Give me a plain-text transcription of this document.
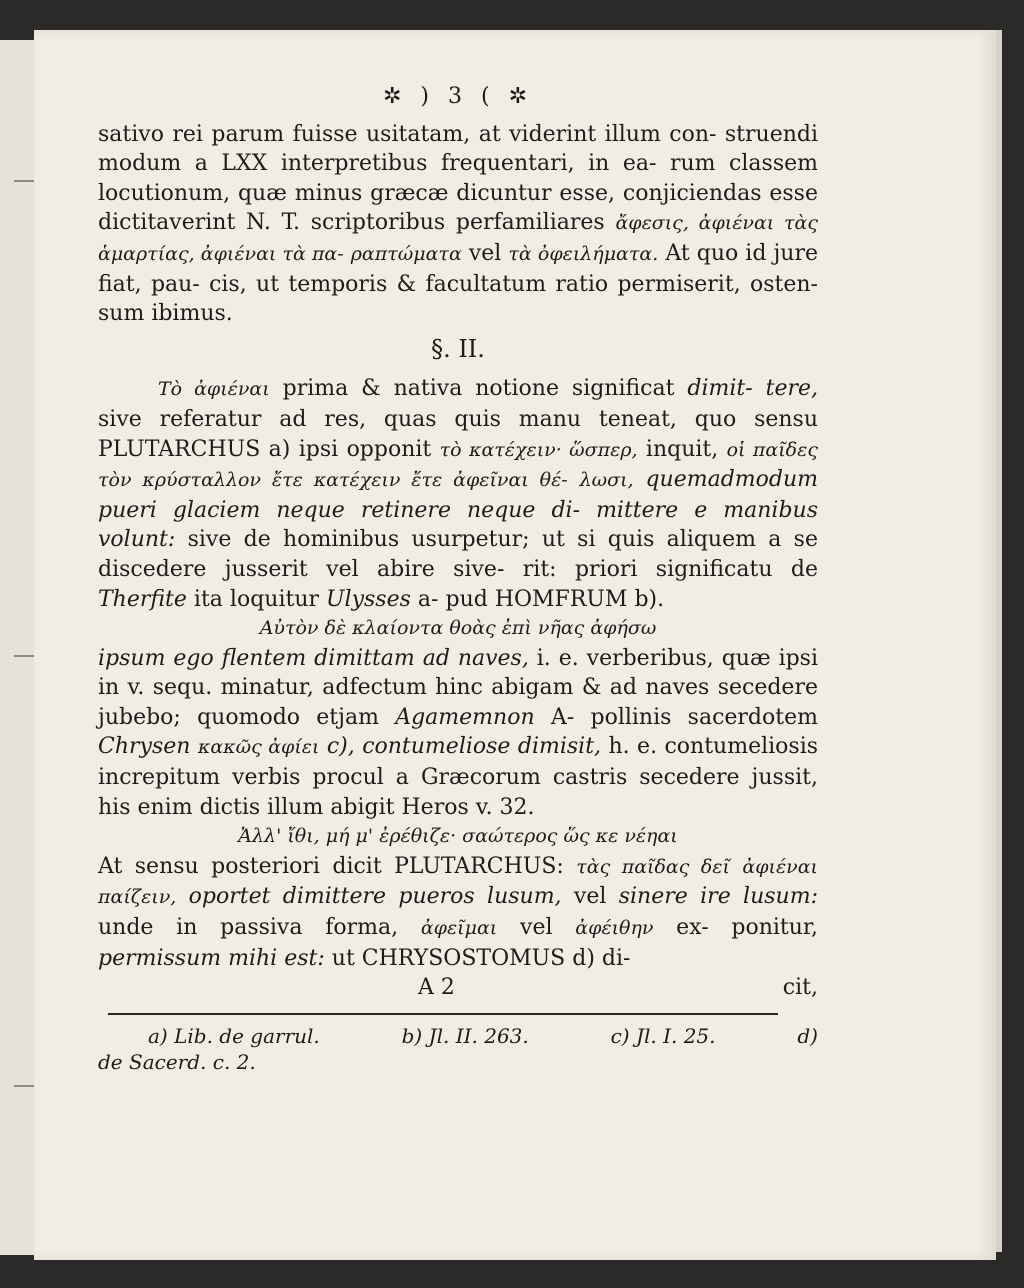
✲ ) 3 ( ✲

sativo rei parum fuisse usitatam, at viderint illum con- struendi modum a LXX interpretibus frequentari, in ea- rum classem locutionum, quæ minus græcæ dicuntur esse, conjiciendas esse dictitaverint N. T. scriptoribus perfamiliares ἄφεσις, ἀφιέναι τὰς ἁμαρτίας, ἀφιέναι τὰ πα- ραπτώματα vel τὰ ὀφειλήματα. At quo id jure fiat, pau- cis, ut temporis & facultatum ratio permiserit, osten- sum ibimus.

§. II.

Τὸ ἀφιέναι prima & nativa notione significat dimit- tere, sive referatur ad res, quas quis manu teneat, quo sensu PLUTARCHUS a) ipsi opponit τὸ κατέχειν· ὥσπερ, inquit, οἱ παῖδες τὸν κρύσταλλον ἔτε κατέχειν ἔτε ἀφεῖναι θέ- λωσι, quemadmodum pueri glaciem neque retinere neque di- mittere e manibus volunt: sive de hominibus usurpetur; ut si quis aliquem a se discedere jusserit vel abire sive- rit: priori significatu de Therfite ita loquitur Ulysses a- pud HOMFRUM b).

Αὐτὸν δὲ κλαίοντα θοὰς ἐπὶ νῆας ἀφήσω

ipsum ego flentem dimittam ad naves, i. e. verberibus, quæ ipsi in v. sequ. minatur, adfectum hinc abigam & ad naves secedere jubebo; quomodo etjam Agamemnon A- pollinis sacerdotem Chrysen κακῶς ἀφίει c), contumeliose dimisit, h. e. contumeliosis increpitum verbis procul a Græcorum castris secedere jussit, his enim dictis illum abigit Heros v. 32.

Ἀλλ' ἴθι, μή μ' ἐρέθιζε· σαώτερος ὥς κε νέηαι

At sensu posteriori dicit PLUTARCHUS: τὰς παῖδας δεῖ ἀφιέναι παίζειν, oportet dimittere pueros lusum, vel sinere ire lusum: unde in passiva forma, ἀφεῖμαι vel ἀφέιθην ex- ponitur, permissum mihi est: ut CHRYSOSTOMUS d) di-

A 2	cit,
a) Lib. de garrul.	b) Jl. II. 263.	c) Jl. I. 25.	d)
de Sacerd. c. 2.
